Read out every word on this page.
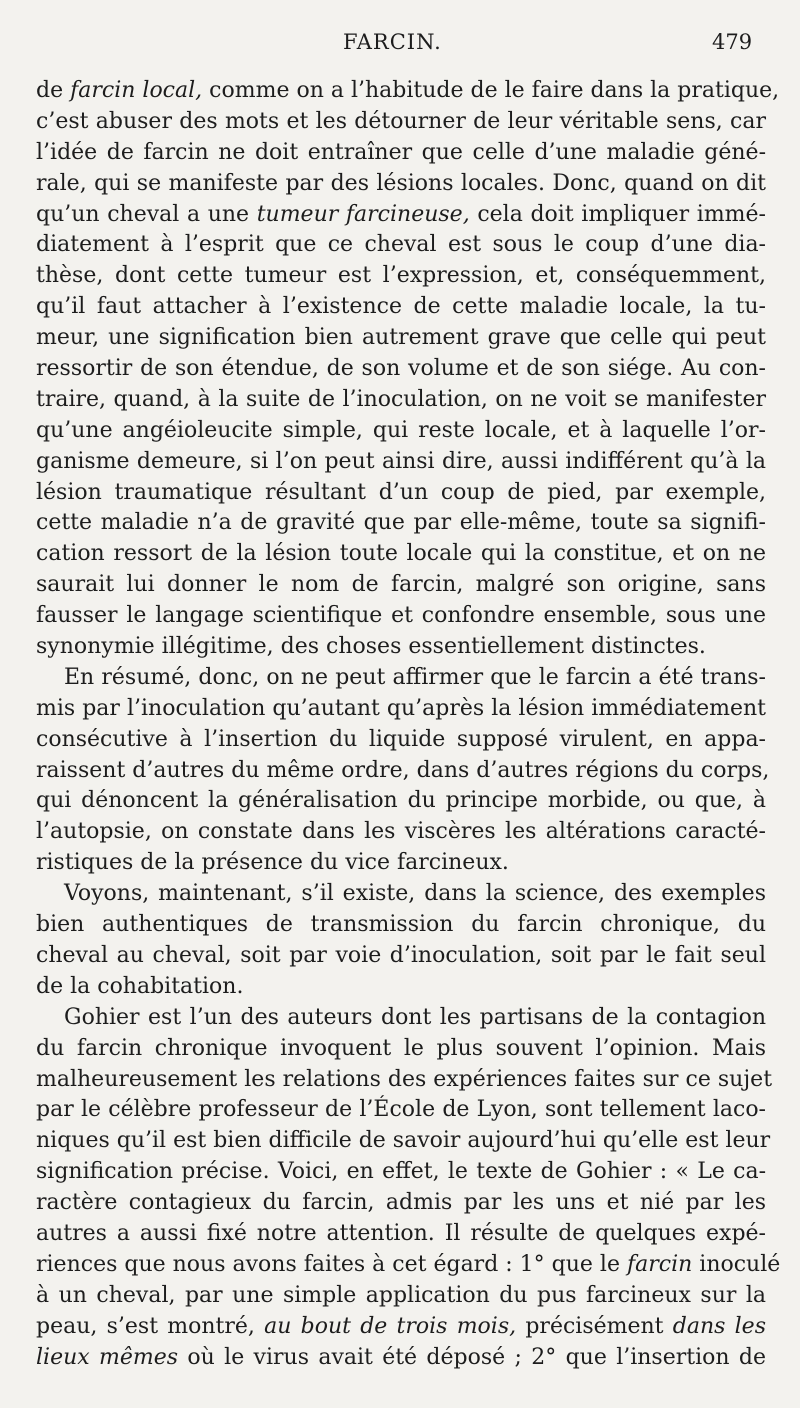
FARCIN.	479
de farcin local, comme on a l’habitude de le faire dans la pratique,
c’est abuser des mots et les détourner de leur véritable sens, car
l’idée de farcin ne doit entraîner que celle d’une maladie géné-
rale, qui se manifeste par des lésions locales. Donc, quand on dit
qu’un cheval a une tumeur farcineuse, cela doit impliquer immé-
diatement à l’esprit que ce cheval est sous le coup d’une dia-
thèse, dont cette tumeur est l’expression, et, conséquemment,
qu’il faut attacher à l’existence de cette maladie locale, la tu-
meur, une signification bien autrement grave que celle qui peut
ressortir de son étendue, de son volume et de son siége. Au con-
traire, quand, à la suite de l’inoculation, on ne voit se manifester
qu’une angéioleucite simple, qui reste locale, et à laquelle l’or-
ganisme demeure, si l’on peut ainsi dire, aussi indifférent qu’à la
lésion traumatique résultant d’un coup de pied, par exemple,
cette maladie n’a de gravité que par elle-même, toute sa signifi-
cation ressort de la lésion toute locale qui la constitue, et on ne
saurait lui donner le nom de farcin, malgré son origine, sans
fausser le langage scientifique et confondre ensemble, sous une
synonymie illégitime, des choses essentiellement distinctes.
En résumé, donc, on ne peut affirmer que le farcin a été trans-
mis par l’inoculation qu’autant qu’après la lésion immédiatement
consécutive à l’insertion du liquide supposé virulent, en appa-
raissent d’autres du même ordre, dans d’autres régions du corps,
qui dénoncent la généralisation du principe morbide, ou que, à
l’autopsie, on constate dans les viscères les altérations caracté-
ristiques de la présence du vice farcineux.
Voyons, maintenant, s’il existe, dans la science, des exemples
bien authentiques de transmission du farcin chronique, du
cheval au cheval, soit par voie d’inoculation, soit par le fait seul
de la cohabitation.
Gohier est l’un des auteurs dont les partisans de la contagion
du farcin chronique invoquent le plus souvent l’opinion. Mais
malheureusement les relations des expériences faites sur ce sujet
par le célèbre professeur de l’École de Lyon, sont tellement laco-
niques qu’il est bien difficile de savoir aujourd’hui qu’elle est leur
signification précise. Voici, en effet, le texte de Gohier : « Le ca-
ractère contagieux du farcin, admis par les uns et nié par les
autres a aussi fixé notre attention. Il résulte de quelques expé-
riences que nous avons faites à cet égard : 1° que le farcin inoculé
à un cheval, par une simple application du pus farcineux sur la
peau, s’est montré, au bout de trois mois, précisément dans les
lieux mêmes où le virus avait été déposé ; 2° que l’insertion de
